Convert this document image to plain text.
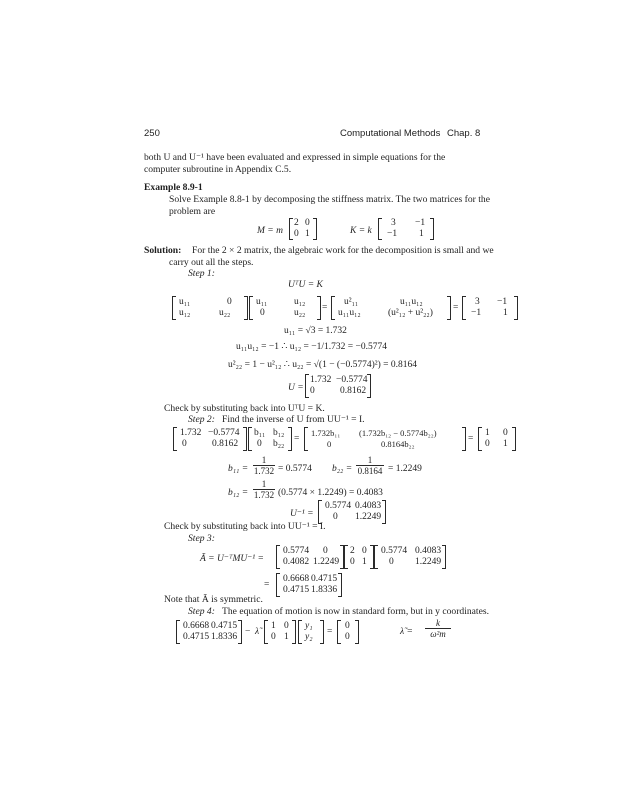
250	Computational Methods Chap. 8
both U and U⁻¹ have been evaluated and expressed in simple equations for the
computer subroutine in Appendix C.5.
Example 8.9-1
Solve Example 8.8-1 by decomposing the stiffness matrix. The two matrices for the
problem are
M = m
2 0
0 1	K = k
3 −1
−1 1
Solution: For the 2 × 2 matrix, the algebraic work for the decomposition is small and we
carry out all the steps.
Step 1:
UᵀU = K
u₁₁	0
u₁₂	u₂₂
u₁₁	u₁₂
0	u₂₂ =
u²₁₁	u₁₁u₁₂
u₁₁u₁₂	(u²₁₂ + u²₂₂) =
3 −1
−1 1
u₁₁ = √3 = 1.732
u₁₁u₁₂ = −1 ∴ u₁₂ = −1/1.732 = −0.5774
u²₂₂ = 1 − u²₁₂ ∴ u₂₂ = √(1 − (−0.5774)²) = 0.8164
U =
1.732 −0.5774
0	0.8162
Check by substituting back into UᵀU = K.
Step 2: Find the inverse of U from UU⁻¹ = I.
1.732 −0.5774
0	0.8162
b₁₁ b₁₂
0 b₂₂ =
1.732b₁₁ (1.732b₁₂ − 0.5774b₂₂)
0	0.8164b₂₂	=
1 0
0 1
b₁₁ =
1
1.732 = 0.5774 b₂₂ =
1
0.8164 = 1.2249
b₁₂ =
1
1.732 (0.5774 × 1.2249) = 0.4083
U⁻¹ =
0.5774 0.4083
0 1.2249
Check by substituting back into UU⁻¹ = I.
Step 3:
Ã = U⁻ᵀMU⁻¹ =
0.5774 0
0.4082 1.2249
2 0
0 1
0.5774 0.4083
0 1.2249
=
0.6668 0.4715
0.4715 1.8336
Note that Ã is symmetric.
Step 4: The equation of motion is now in standard form, but in y coordinates.
0.6668 0.4715
0.4715 1.8336 − λ̃
1 0
0 1
y₁
y₂ =
0
0	λ̃ =
k
ω²m
